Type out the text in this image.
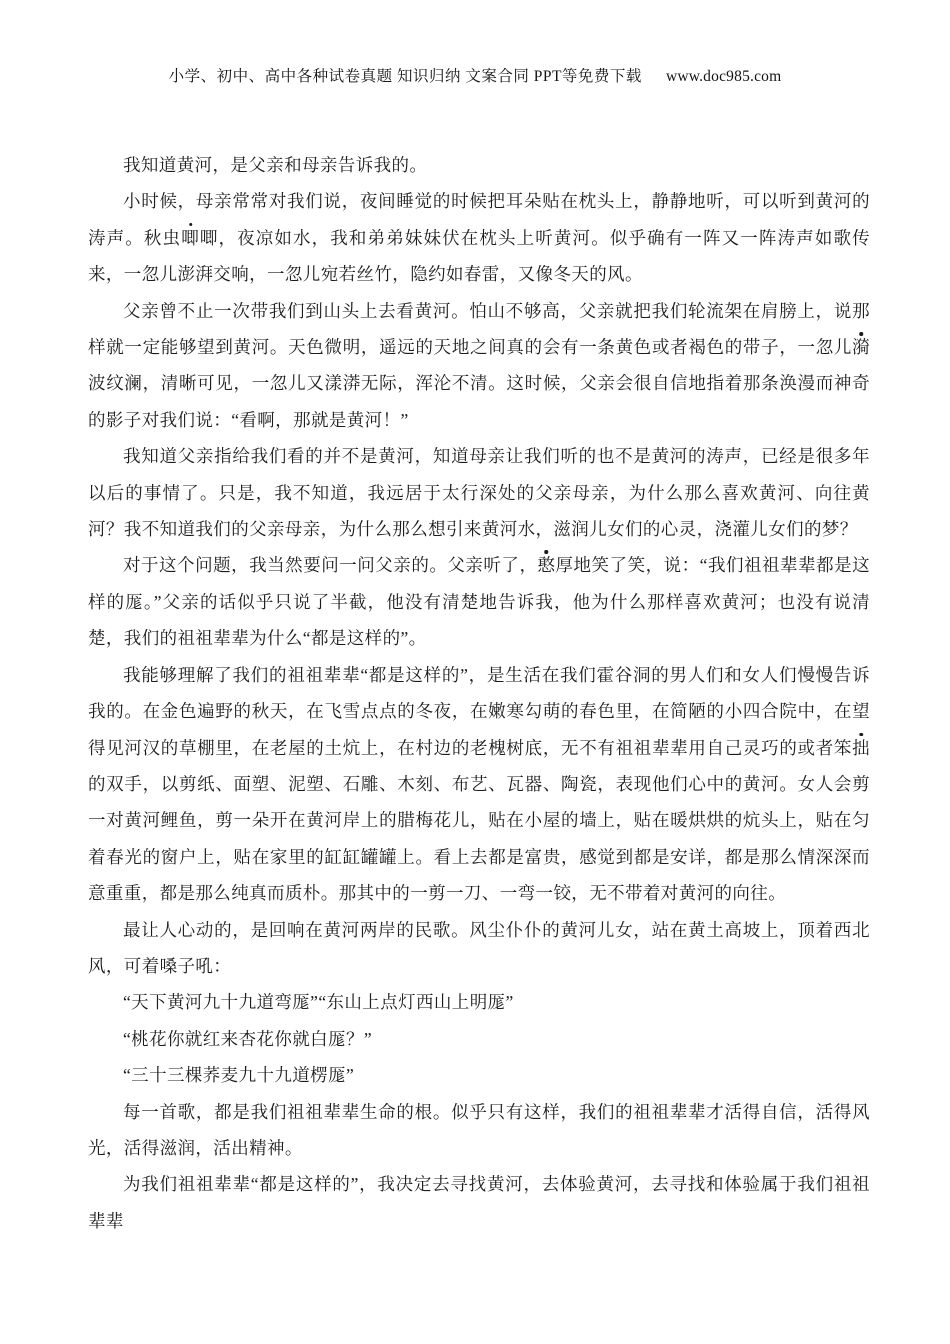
小学、初中、高中各种试卷真题 知识归纳 文案合同 PPT等免费下载 www.doc985.com

我知道黄河，是父亲和母亲告诉我的。

小时候，母亲常常对我们说，夜间睡觉的时候把耳朵贴在枕头上，静静地听，可以听到黄河的涛声。秋虫唧唧，夜凉如水，我和弟弟妹妹伏在枕头上听黄河。似乎确有一阵又一阵涛声如歌传来，一忽儿澎湃交响，一忽儿宛若丝竹，隐约如春雷，又像冬天的风。

父亲曾不止一次带我们到山头上去看黄河。怕山不够高，父亲就把我们轮流架在肩膀上，说那样就一定能够望到黄河。天色微明，遥远的天地之间真的会有一条黄色或者褐色的带子，一忽儿漪波纹澜，清晰可见，一忽儿又漾漭无际，浑沦不清。这时候，父亲会很自信地指着那条涣漫而神奇的影子对我们说：“看啊，那就是黄河！”

我知道父亲指给我们看的并不是黄河，知道母亲让我们听的也不是黄河的涛声，已经是很多年以后的事情了。只是，我不知道，我远居于太行深处的父亲母亲，为什么那么喜欢黄河、向往黄河？我不知道我们的父亲母亲，为什么那么想引来黄河水，滋润儿女们的心灵，浇灌儿女们的梦？

对于这个问题，我当然要问一问父亲的。父亲听了，憨厚地笑了笑，说：“我们祖祖辈辈都是这样的厖。”父亲的话似乎只说了半截，他没有清楚地告诉我，他为什么那样喜欢黄河；也没有说清楚，我们的祖祖辈辈为什么“都是这样的”。

我能够理解了我们的祖祖辈辈“都是这样的”，是生活在我们霍谷洞的男人们和女人们慢慢告诉我的。在金色遍野的秋天，在飞雪点点的冬夜，在嫩寒勾萌的春色里，在简陋的小四合院中，在望得见河汉的草棚里，在老屋的土炕上，在村边的老槐树底，无不有祖祖辈辈用自己灵巧的或者笨拙的双手，以剪纸、面塑、泥塑、石雕、木刻、布艺、瓦器、陶瓷，表现他们心中的黄河。女人会剪一对黄河鲤鱼，剪一朵开在黄河岸上的腊梅花儿，贴在小屋的墙上，贴在暖烘烘的炕头上，贴在匀着春光的窗户上，贴在家里的缸缸罐罐上。看上去都是富贵，感觉到都是安详，都是那么情深深而意重重，都是那么纯真而质朴。那其中的一剪一刀、一弯一铰，无不带着对黄河的向往。

最让人心动的，是回响在黄河两岸的民歌。风尘仆仆的黄河儿女，站在黄土高坡上，顶着西北风，可着嗓子吼：

“天下黄河九十九道弯厖”“东山上点灯西山上明厖”

“桃花你就红来杏花你就白厖？”

“三十三棵荞麦九十九道楞厖”

每一首歌，都是我们祖祖辈辈生命的根。似乎只有这样，我们的祖祖辈辈才活得自信，活得风光，活得滋润，活出精神。

为我们祖祖辈辈“都是这样的”，我决定去寻找黄河，去体验黄河，去寻找和体验属于我们祖祖辈辈
